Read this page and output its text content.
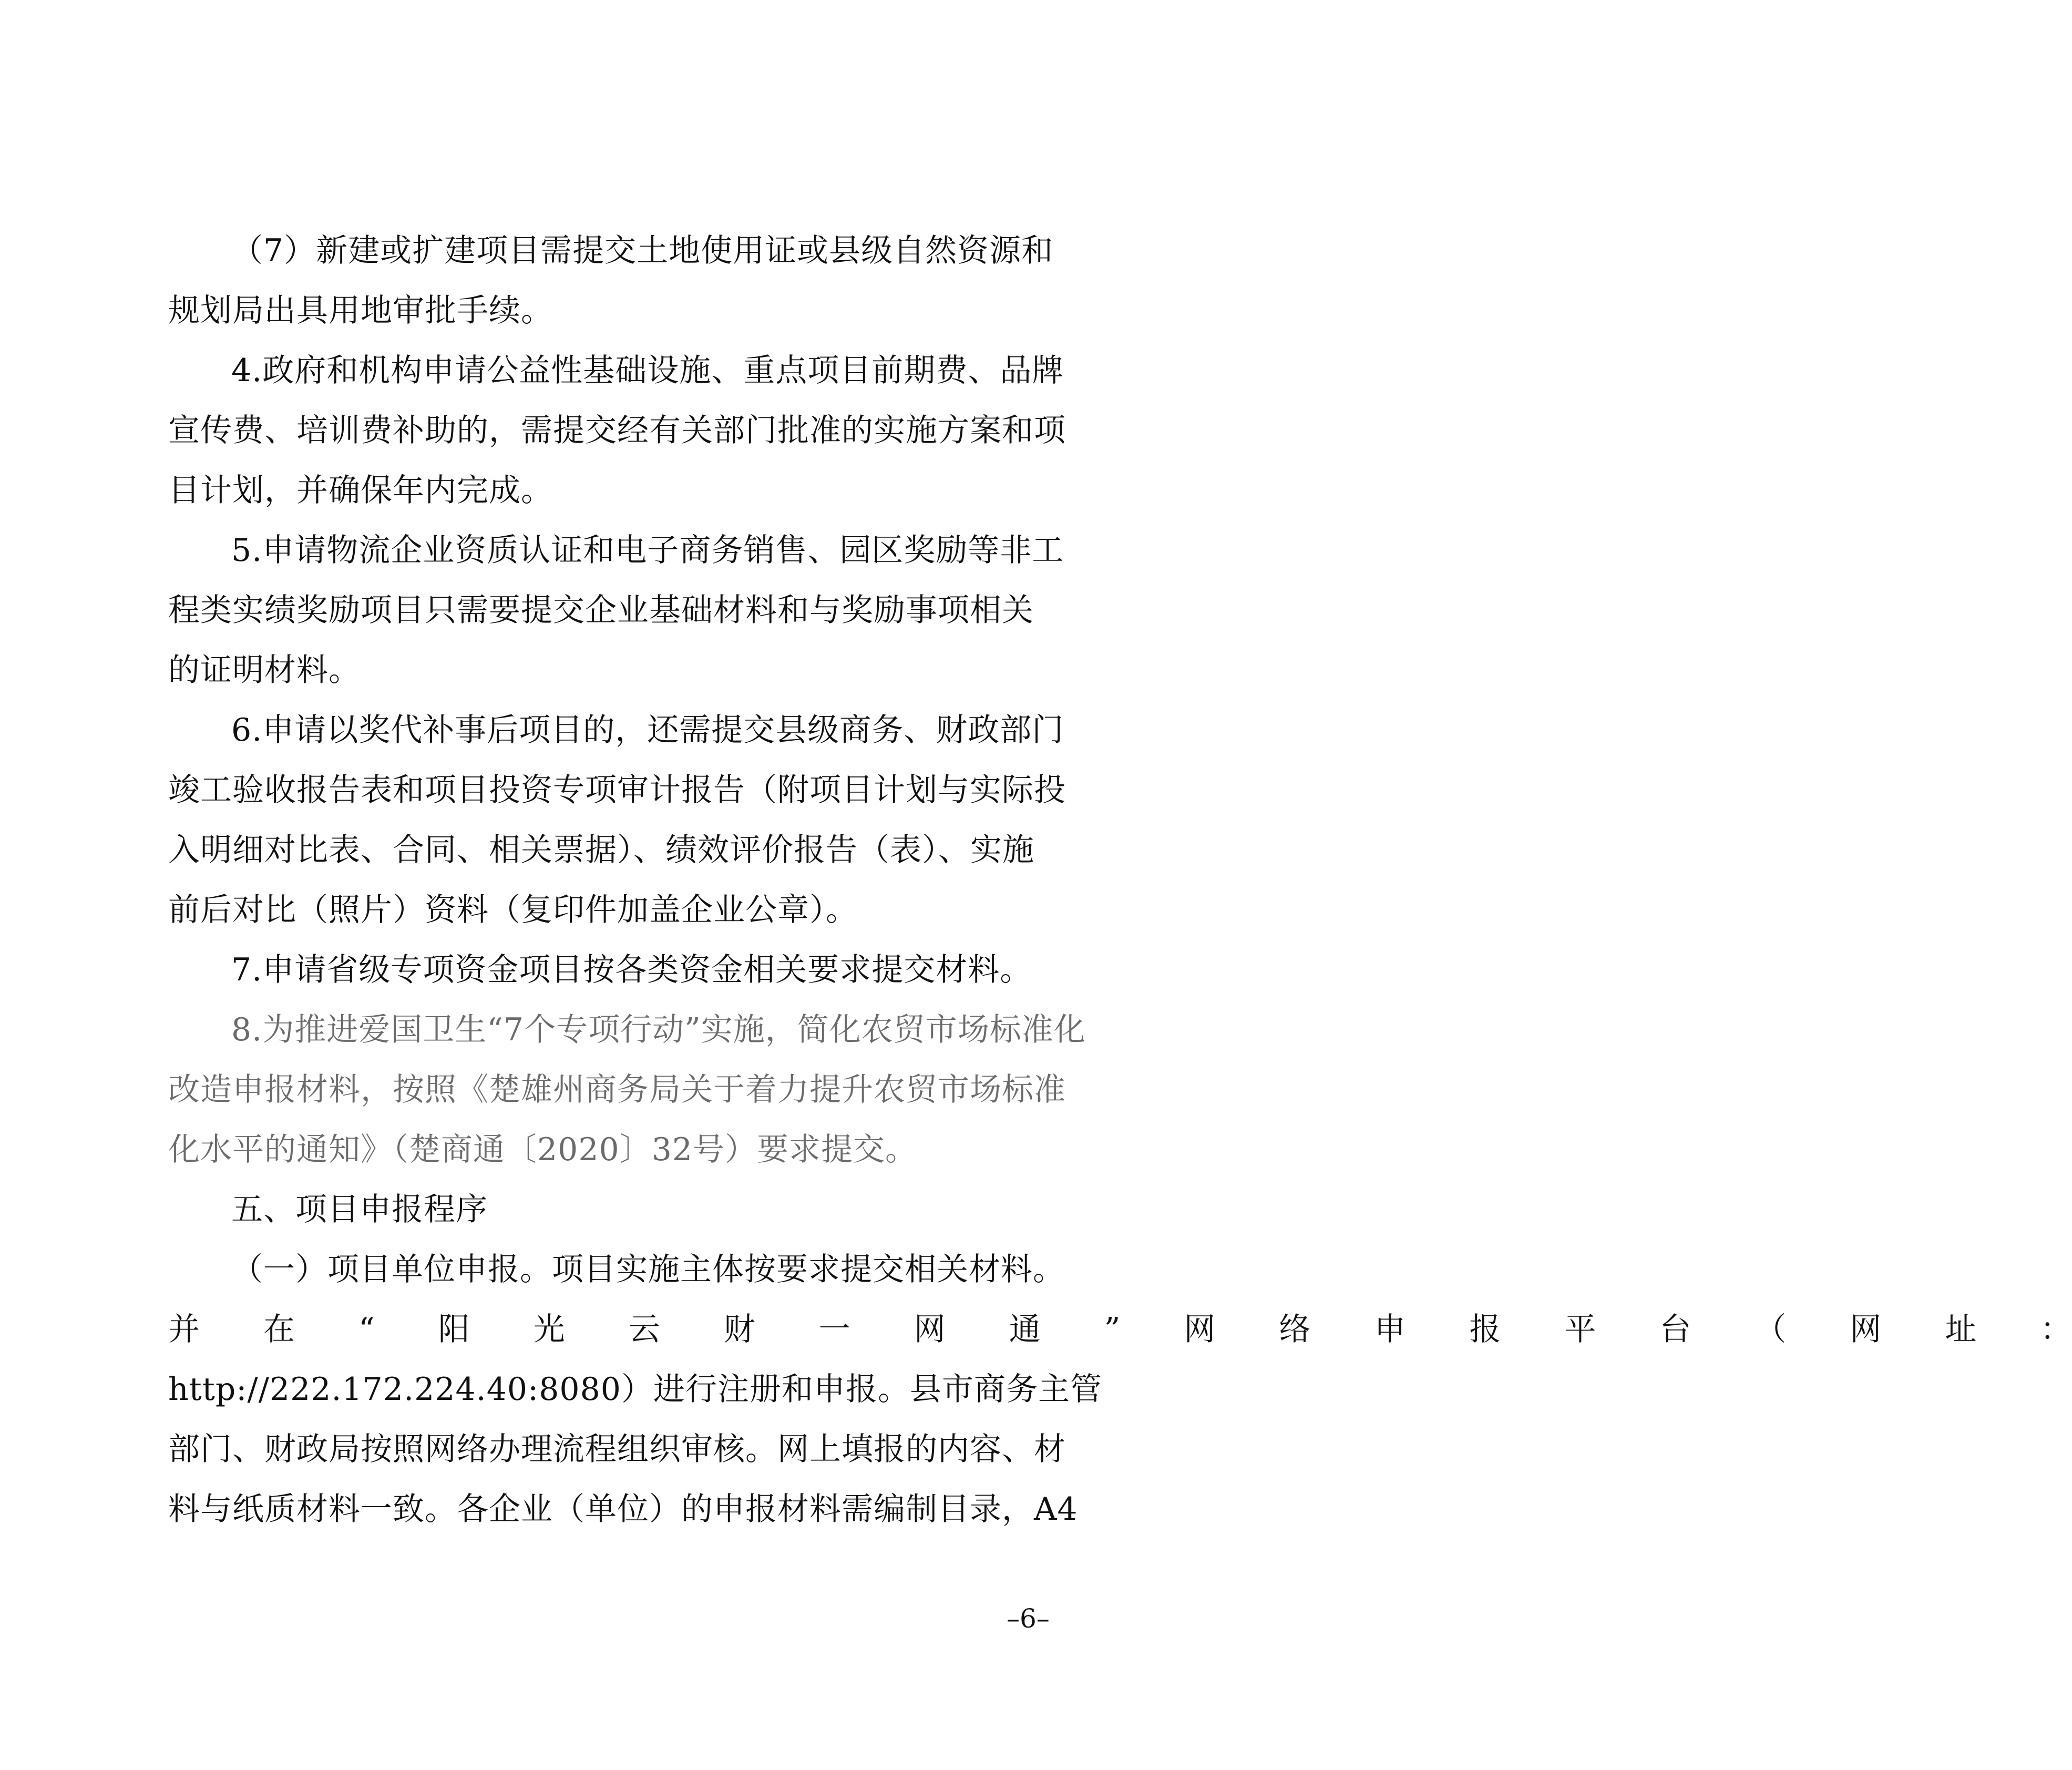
（7）新建或扩建项目需提交土地使用证或县级自然资源和
规划局出具用地审批手续。

4.政府和机构申请公益性基础设施、重点项目前期费、品牌
宣传费、培训费补助的，需提交经有关部门批准的实施方案和项
目计划，并确保年内完成。

5.申请物流企业资质认证和电子商务销售、园区奖励等非工
程类实绩奖励项目只需要提交企业基础材料和与奖励事项相关
的证明材料。

6.申请以奖代补事后项目的，还需提交县级商务、财政部门
竣工验收报告表和项目投资专项审计报告（附项目计划与实际投
入明细对比表、合同、相关票据）、绩效评价报告（表）、实施
前后对比（照片）资料（复印件加盖企业公章）。

7.申请省级专项资金项目按各类资金相关要求提交材料。

8.为推进爱国卫生“7个专项行动”实施，简化农贸市场标准化
改造申报材料，按照《楚雄州商务局关于着力提升农贸市场标准
化水平的通知》（楚商通〔2020〕32号）要求提交。

五、项目申报程序

（一）项目单位申报。项目实施主体按要求提交相关材料。
并	在	“	阳	光	云	财	一	网	通	”	网	络	申	报	平	台	（	网	址	：
http://222.172.224.40:8080）进行注册和申报。县市商务主管
部门、财政局按照网络办理流程组织审核。网上填报的内容、材
料与纸质材料一致。各企业（单位）的申报材料需编制目录，A4

–6–
